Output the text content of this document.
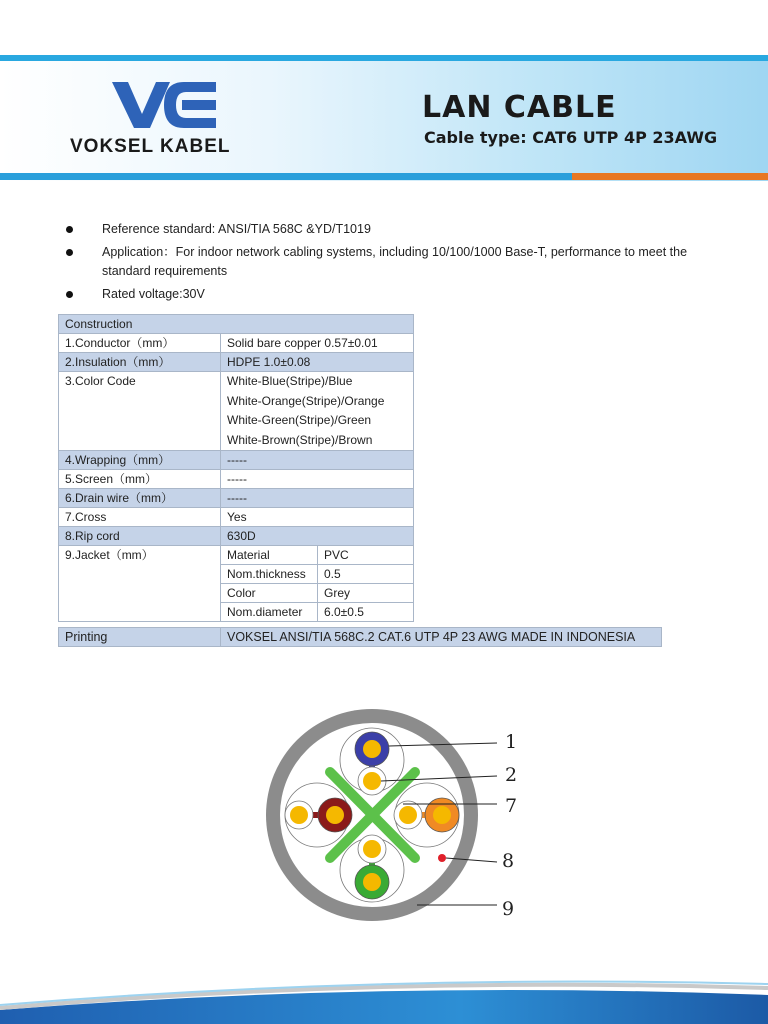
VOKSEL KABEL
LAN CABLE
Cable type: CAT6 UTP 4P 23AWG
Reference standard: ANSI/TIA 568C &YD/T1019
Application：For indoor network cabling systems, including 10/100/1000 Base-T, performance to meet the standard requirements
Rated voltage:30V
Construction
1.Conductor（mm）	Solid bare copper 0.57±0.01
2.Insulation（mm）	HDPE 1.0±0.08
3.Color Code	White-Blue(Stripe)/Blue
White-Orange(Stripe)/Orange
White-Green(Stripe)/Green
White-Brown(Stripe)/Brown

4.Wrapping（mm）	-----
5.Screen（mm）	-----
6.Drain wire（mm）	-----
7.Cross	Yes
8.Rip cord	630D
9.Jacket（mm）		Material	PVC
Nom.thickness	0.5
Color	Grey
Nom.diameter	6.0±0.5
Printing	VOKSEL ANSI/TIA 568C.2 CAT.6 UTP 4P 23 AWG MADE IN INDONESIA
1
2
7
8
9
